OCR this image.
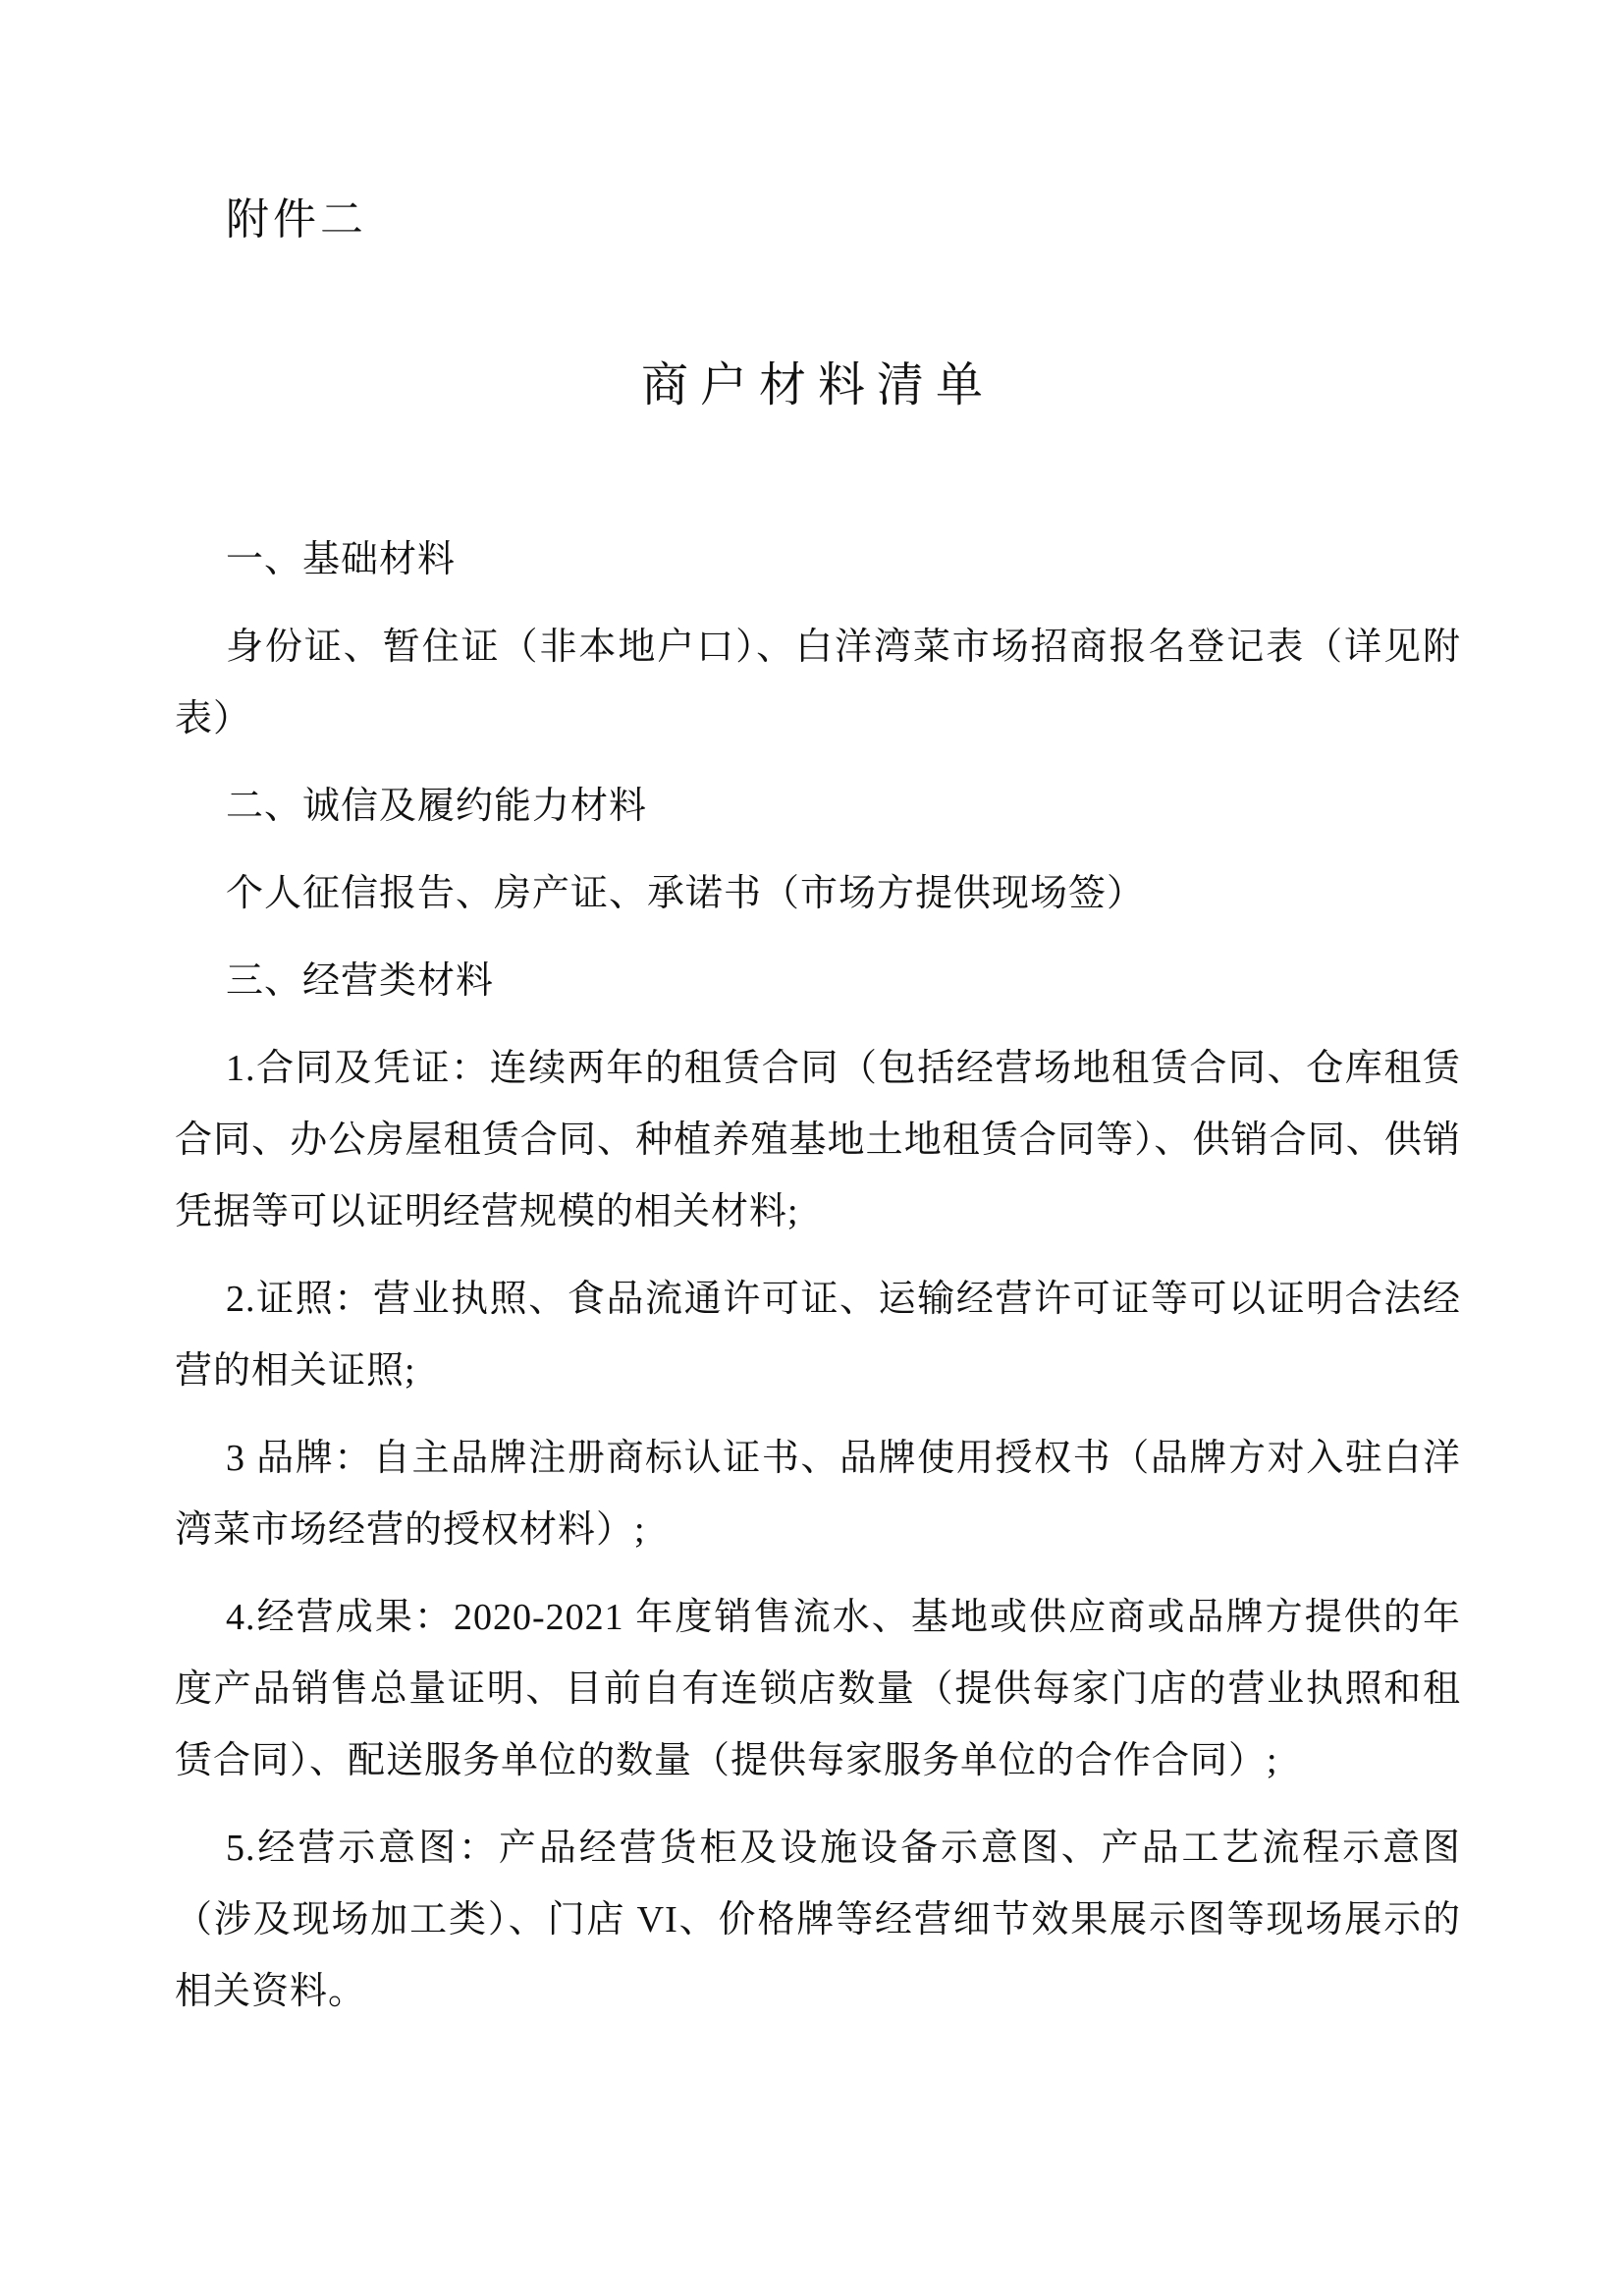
附件二
商户材料清单

一、基础材料

身份证、暂住证（非本地户口）、白洋湾菜市场招商报名登记表（详见附表）

二、诚信及履约能力材料

个人征信报告、房产证、承诺书（市场方提供现场签）

三、经营类材料

1.合同及凭证：连续两年的租赁合同（包括经营场地租赁合同、仓库租赁合同、办公房屋租赁合同、种植养殖基地土地租赁合同等）、供销合同、供销凭据等可以证明经营规模的相关材料;

2.证照：营业执照、食品流通许可证、运输经营许可证等可以证明合法经营的相关证照;

3 品牌：自主品牌注册商标认证书、品牌使用授权书（品牌方对入驻白洋湾菜市场经营的授权材料）;

4.经营成果：2020-2021 年度销售流水、基地或供应商或品牌方提供的年度产品销售总量证明、目前自有连锁店数量（提供每家门店的营业执照和租赁合同）、配送服务单位的数量（提供每家服务单位的合作合同）;

5.经营示意图：产品经营货柜及设施设备示意图、产品工艺流程示意图（涉及现场加工类）、门店 VI、价格牌等经营细节效果展示图等现场展示的相关资料。
